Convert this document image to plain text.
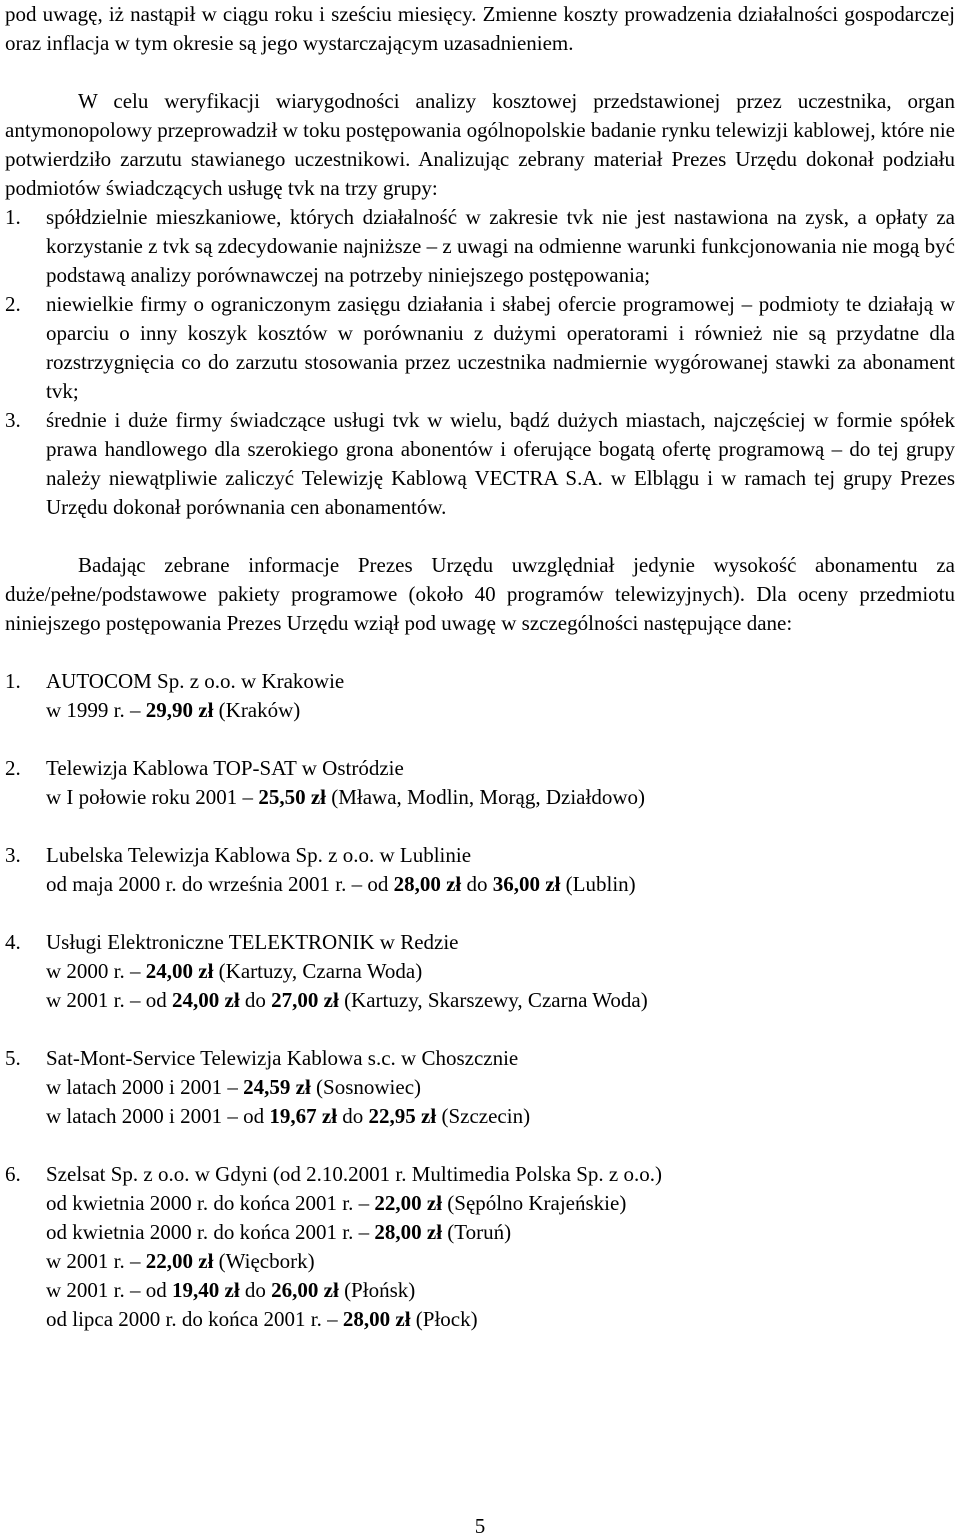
pod uwagę, iż nastąpił w ciągu roku i sześciu miesięcy. Zmienne koszty prowadzenia działalności gospodarczej oraz inflacja w tym okresie są jego wystarczającym uzasadnieniem.

W celu weryfikacji wiarygodności analizy kosztowej przedstawionej przez uczestnika, organ antymonopolowy przeprowadził w toku postępowania ogólnopolskie badanie rynku telewizji kablowej, które nie potwierdziło zarzutu stawianego uczestnikowi. Analizując zebrany materiał Prezes Urzędu dokonał podziału podmiotów świadczących usługę tvk na trzy grupy:

1.	spółdzielnie mieszkaniowe, których działalność w zakresie tvk nie jest nastawiona na zysk, a opłaty za korzystanie z tvk są zdecydowanie najniższe – z uwagi na odmienne warunki funkcjonowania nie mogą być podstawą analizy porównawczej na potrzeby niniejszego postępowania;
2.	niewielkie firmy o ograniczonym zasięgu działania i słabej ofercie programowej – podmioty te działają w oparciu o inny koszyk kosztów w porównaniu z dużymi operatorami i również nie są przydatne dla rozstrzygnięcia co do zarzutu stosowania przez uczestnika nadmiernie wygórowanej stawki za abonament tvk;
3.	średnie i duże firmy świadczące usługi tvk w wielu, bądź dużych miastach, najczęściej w formie spółek prawa handlowego dla szerokiego grona abonentów i oferujące bogatą ofertę programową – do tej grupy należy niewątpliwie zaliczyć Telewizję Kablową VECTRA S.A. w Elblągu i w ramach tej grupy Prezes Urzędu dokonał porównania cen abonamentów.

Badając zebrane informacje Prezes Urzędu uwzględniał jedynie wysokość abonamentu za duże/pełne/podstawowe pakiety programowe (około 40 programów telewizyjnych). Dla oceny przedmiotu niniejszego postępowania Prezes Urzędu wziął pod uwagę w szczególności następujące dane:

1.	AUTOCOM Sp. z o.o. w Krakowie
w 1999 r. – 29,90 zł (Kraków)
2.	Telewizja Kablowa TOP-SAT w Ostródzie
w I połowie roku 2001 – 25,50 zł (Mława, Modlin, Morąg, Działdowo)
3.	Lubelska Telewizja Kablowa Sp. z o.o. w Lublinie
od maja 2000 r. do września 2001 r. – od 28,00 zł do 36,00 zł (Lublin)
4.	Usługi Elektroniczne TELEKTRONIK w Redzie
w 2000 r. – 24,00 zł (Kartuzy, Czarna Woda)
w 2001 r. – od 24,00 zł do 27,00 zł (Kartuzy, Skarszewy, Czarna Woda)
5.	Sat-Mont-Service Telewizja Kablowa s.c. w Choszcznie
w latach 2000 i 2001 – 24,59 zł (Sosnowiec)
w latach 2000 i 2001 – od 19,67 zł do 22,95 zł (Szczecin)
6.	Szelsat Sp. z o.o. w Gdyni (od 2.10.2001 r. Multimedia Polska Sp. z o.o.)
od kwietnia 2000 r. do końca 2001 r. – 22,00 zł (Sępólno Krajeńskie)
od kwietnia 2000 r. do końca 2001 r. – 28,00 zł (Toruń)
w 2001 r. – 22,00 zł (Więcbork)
w 2001 r. – od 19,40 zł do 26,00 zł (Płońsk)
od lipca 2000 r. do końca 2001 r. – 28,00 zł (Płock)
5
